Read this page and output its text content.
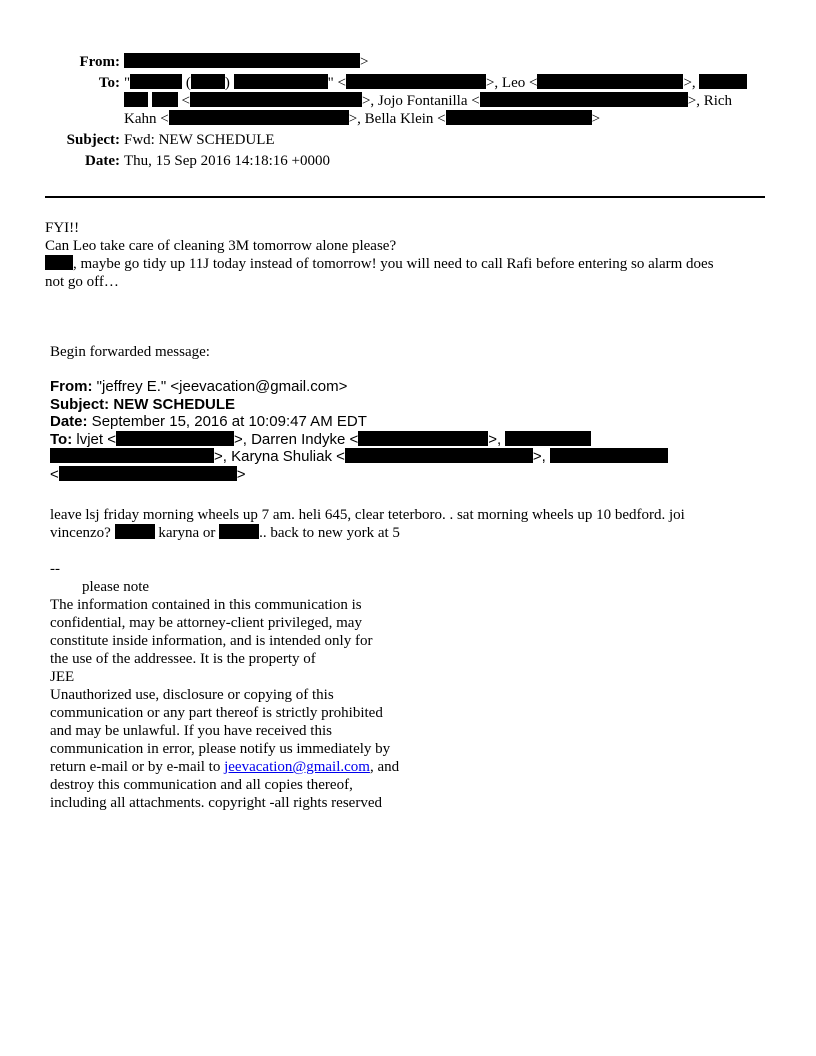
From:	>
To: "	( )	" <	>, Leo <	>,
<	>, Jojo Fontanilla <	>, Rich
Kahn <	>, Bella Klein <	>
Subject: Fwd: NEW SCHEDULE
Date: Thu, 15 Sep 2016 14:18:16 +0000
FYI!!
Can Leo take care of cleaning 3M tomorrow alone please?
, maybe go tidy up 11J today instead of tomorrow! you will need to call Rafi before entering so alarm does
not go off…
Begin forwarded message:
From: "jeffrey E." <jeevacation@gmail.com>
Subject: NEW SCHEDULE
Date: September 15, 2016 at 10:09:47 AM EDT
To: lvjet <	>, Darren Indyke <	>,
>, Karyna Shuliak <	>,
<	>
leave lsj friday morning wheels up 7 am. heli 645, clear teterboro. . sat morning wheels up 10 bedford. joi
vincenzo?	karyna or	.. back to new york at 5
--
please note
The information contained in this communication is
confidential, may be attorney-client privileged, may
constitute inside information, and is intended only for
the use of the addressee. It is the property of
JEE
Unauthorized use, disclosure or copying of this
communication or any part thereof is strictly prohibited
and may be unlawful. If you have received this
communication in error, please notify us immediately by
return e-mail or by e-mail to jeevacation@gmail.com, and
destroy this communication and all copies thereof,
including all attachments. copyright -all rights reserved
